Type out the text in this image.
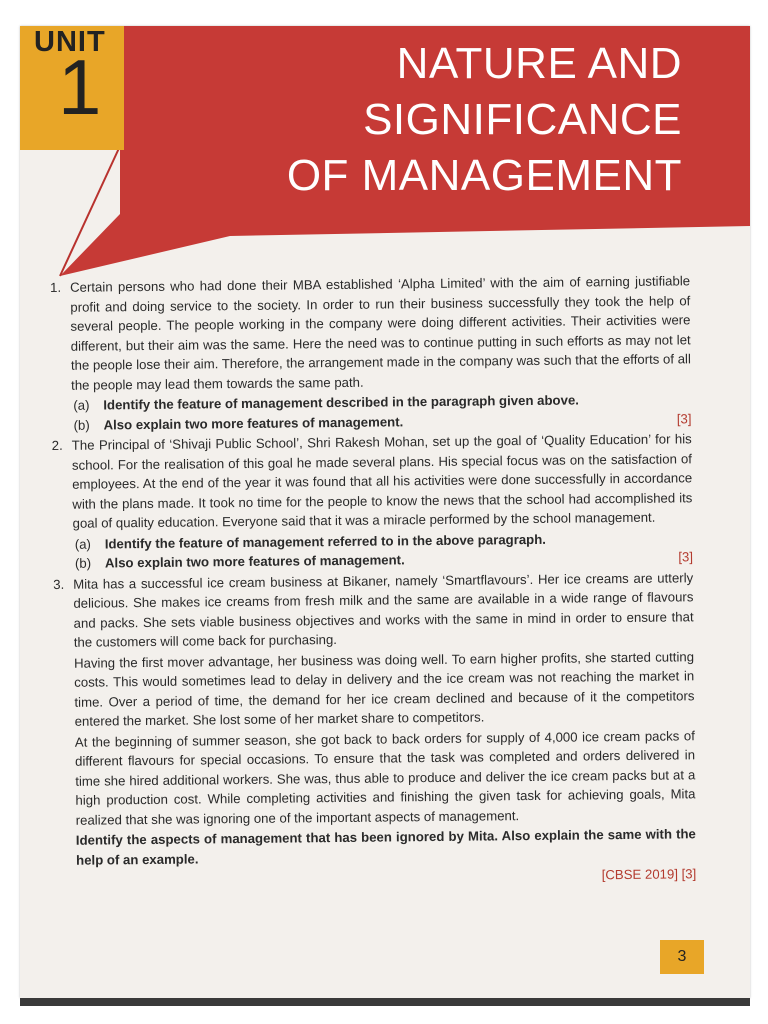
UNIT
1	NATURE AND
SIGNIFICANCE
OF MANAGEMENT
1. Certain persons who had done their MBA established ‘Alpha Limited’ with the aim of earning justifiable profit and doing service to the society. In order to run their business successfully they took the help of several people. The people working in the company were doing different activities. Their activities were different, but their aim was the same. Here the need was to continue putting in such efforts as may not let the people lose their aim. Therefore, the arrangement made in the company was such that the efforts of all the people may lead them towards the same path.

(a)	Identify the feature of management described in the paragraph given above.
(b)	Also explain two more features of management.	[3]
2. The Principal of ‘Shivaji Public School’, Shri Rakesh Mohan, set up the goal of ‘Quality Education’ for his school. For the realisation of this goal he made several plans. His special focus was on the satisfaction of employees. At the end of the year it was found that all his activities were done successfully in accordance with the plans made. It took no time for the people to know the news that the school had accomplished its goal of quality education. Everyone said that it was a miracle performed by the school management.

(a)	Identify the feature of management referred to in the above paragraph.
(b)	Also explain two more features of management.	[3]
3. Mita has a successful ice cream business at Bikaner, namely ‘Smartflavours’. Her ice creams are utterly delicious. She makes ice creams from fresh milk and the same are available in a wide range of flavours and packs. She sets viable business objectives and works with the same in mind in order to ensure that the customers will come back for purchasing.

Having the first mover advantage, her business was doing well. To earn higher profits, she started cutting costs. This would sometimes lead to delay in delivery and the ice cream was not reaching the market in time. Over a period of time, the demand for her ice cream declined and because of it the competitors entered the market. She lost some of her market share to competitors.

At the beginning of summer season, she got back to back orders for supply of 4,000 ice cream packs of different flavours for special occasions. To ensure that the task was completed and orders delivered in time she hired additional workers. She was, thus able to produce and deliver the ice cream packs but at a high production cost. While completing activities and finishing the given task for achieving goals, Mita realized that she was ignoring one of the important aspects of management.

Identify the aspects of management that has been ignored by Mita. Also explain the same with the help of an example.

[CBSE 2019] [3]
3
